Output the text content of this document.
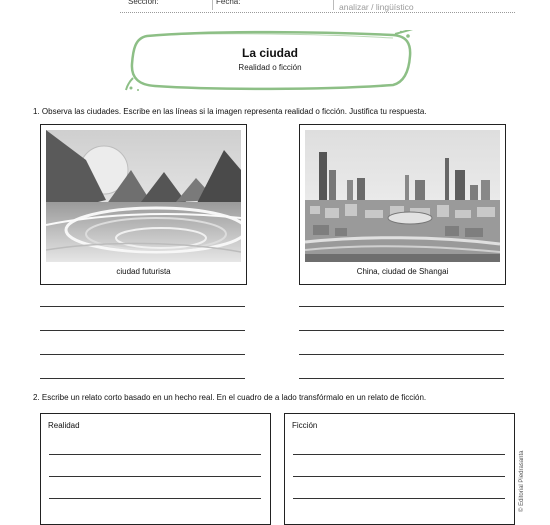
Sección:	Fecha:
analizar / lingüístico
La ciudad
Realidad o ficción
1. Observa las ciudades. Escribe en las líneas si la imagen representa realidad o ficción. Justifica tu respuesta.
ciudad futurista	China, ciudad de Shangai
2. Escribe un relato corto basado en un hecho real. En el cuadro de a lado transfórmalo en un relato de ficción.
Realidad	Ficción
© Editorial Piedrasanta
